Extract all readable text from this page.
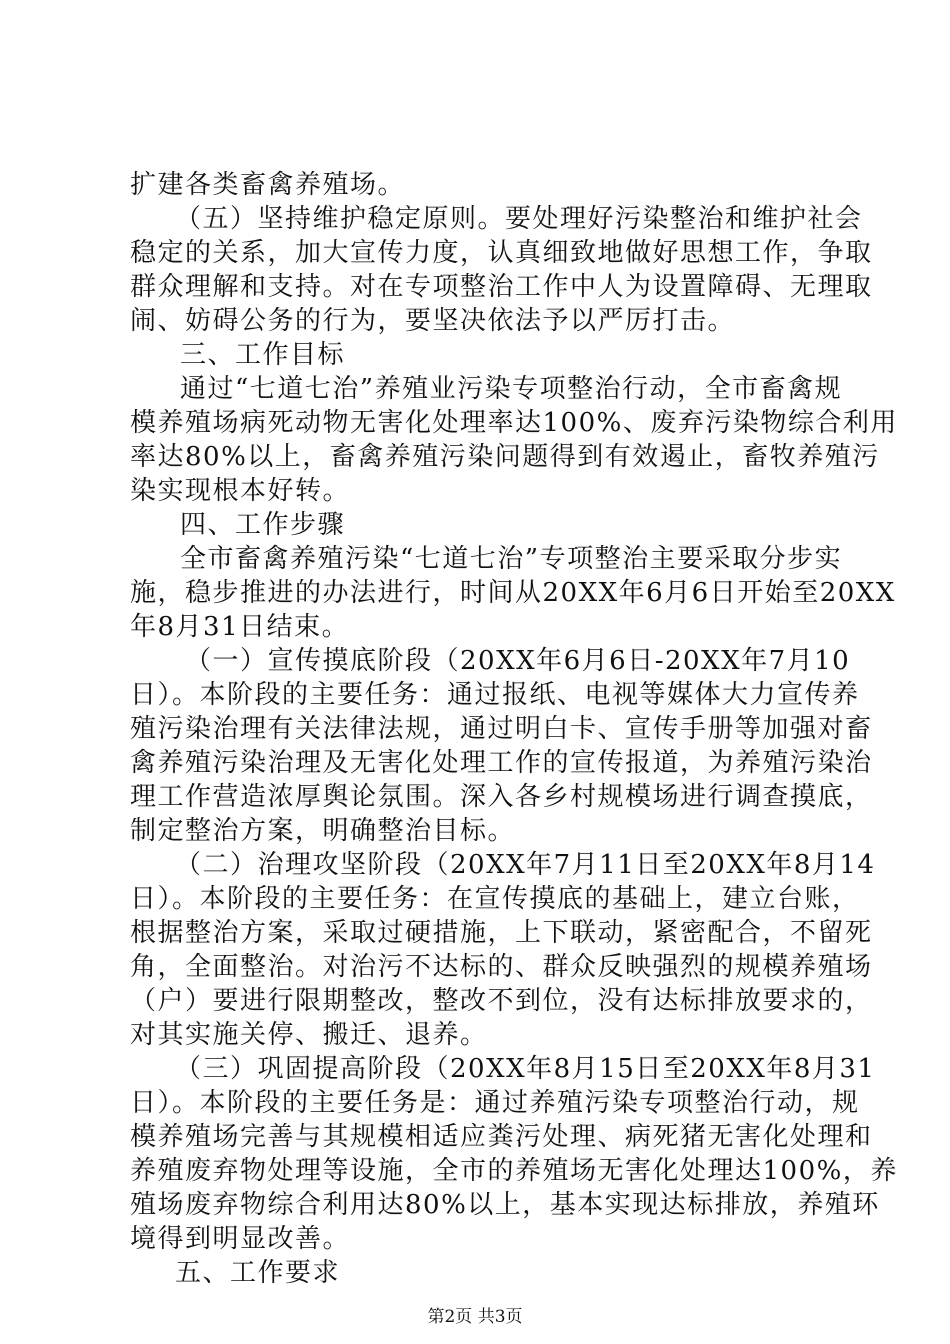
扩建各类畜禽养殖场。
（五）坚持维护稳定原则。要处理好污染整治和维护社会
稳定的关系，加大宣传力度，认真细致地做好思想工作，争取
群众理解和支持。对在专项整治工作中人为设置障碍、无理取
闹、妨碍公务的行为，要坚决依法予以严厉打击。
三、工作目标
通过“七道七治”养殖业污染专项整治行动，全市畜禽规
模养殖场病死动物无害化处理率达100%、废弃污染物综合利用
率达80%以上，畜禽养殖污染问题得到有效遏止，畜牧养殖污
染实现根本好转。
四、工作步骤
全市畜禽养殖污染“七道七治”专项整治主要采取分步实
施，稳步推进的办法进行，时间从20XX年6月6日开始至20XX
年8月31日结束。
（一）宣传摸底阶段（20XX年6月6日-20XX年7月10
日）。本阶段的主要任务：通过报纸、电视等媒体大力宣传养
殖污染治理有关法律法规，通过明白卡、宣传手册等加强对畜
禽养殖污染治理及无害化处理工作的宣传报道，为养殖污染治
理工作营造浓厚舆论氛围。深入各乡村规模场进行调查摸底，
制定整治方案，明确整治目标。
（二）治理攻坚阶段（20XX年7月11日至20XX年8月14
日）。本阶段的主要任务：在宣传摸底的基础上，建立台账，
根据整治方案，采取过硬措施，上下联动，紧密配合，不留死
角，全面整治。对治污不达标的、群众反映强烈的规模养殖场
（户）要进行限期整改，整改不到位，没有达标排放要求的，
对其实施关停、搬迁、退养。
（三）巩固提高阶段（20XX年8月15日至20XX年8月31
日）。本阶段的主要任务是：通过养殖污染专项整治行动，规
模养殖场完善与其规模相适应粪污处理、病死猪无害化处理和
养殖废弃物处理等设施，全市的养殖场无害化处理达100%，养
殖场废弃物综合利用达80%以上，基本实现达标排放，养殖环
境得到明显改善。
五、工作要求
第2页 共3页
